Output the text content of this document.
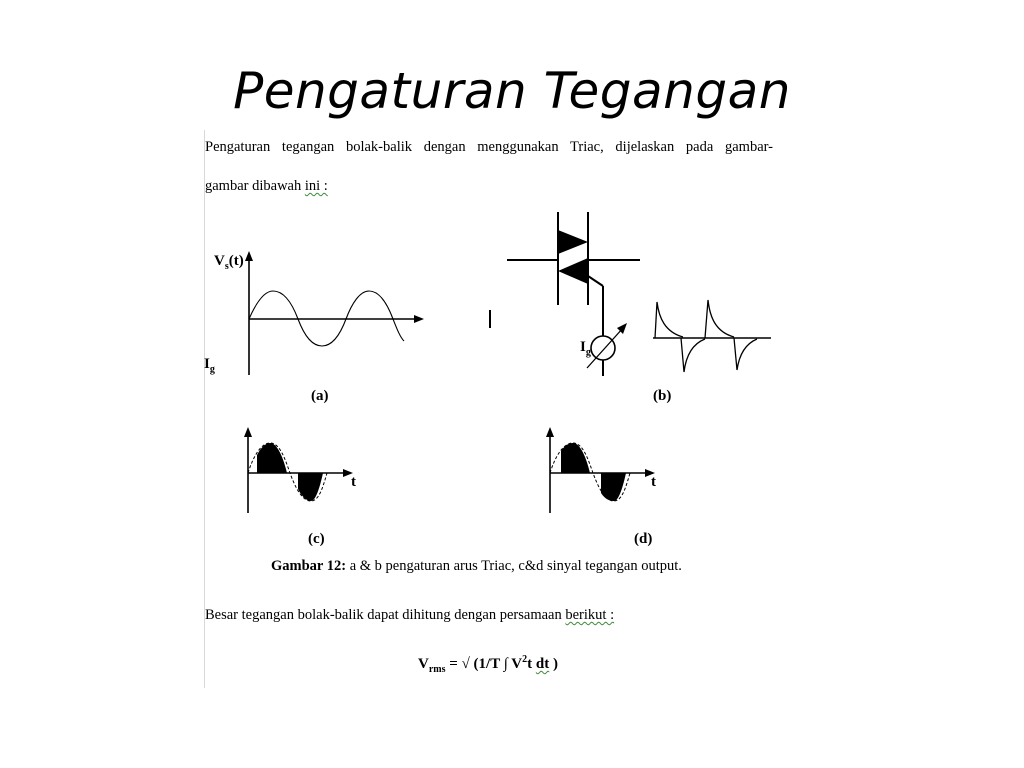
Pengaturan Tegangan
Pengaturan tegangan bolak-balik dengan menggunakan Triac, dijelaskan pada gambar-
gambar dibawah ini :
$V_s(t)$
$I_g$
(a)
$I_g$
(b)
t
(c)
t
(d)
Gambar 12: a & b pengaturan arus Triac, c&d sinyal tegangan output.
Besar tegangan bolak-balik dapat dihitung dengan persamaan berikut :
$V_{rms}$ = √ (1/T ∫ $V^2t$ dt )
